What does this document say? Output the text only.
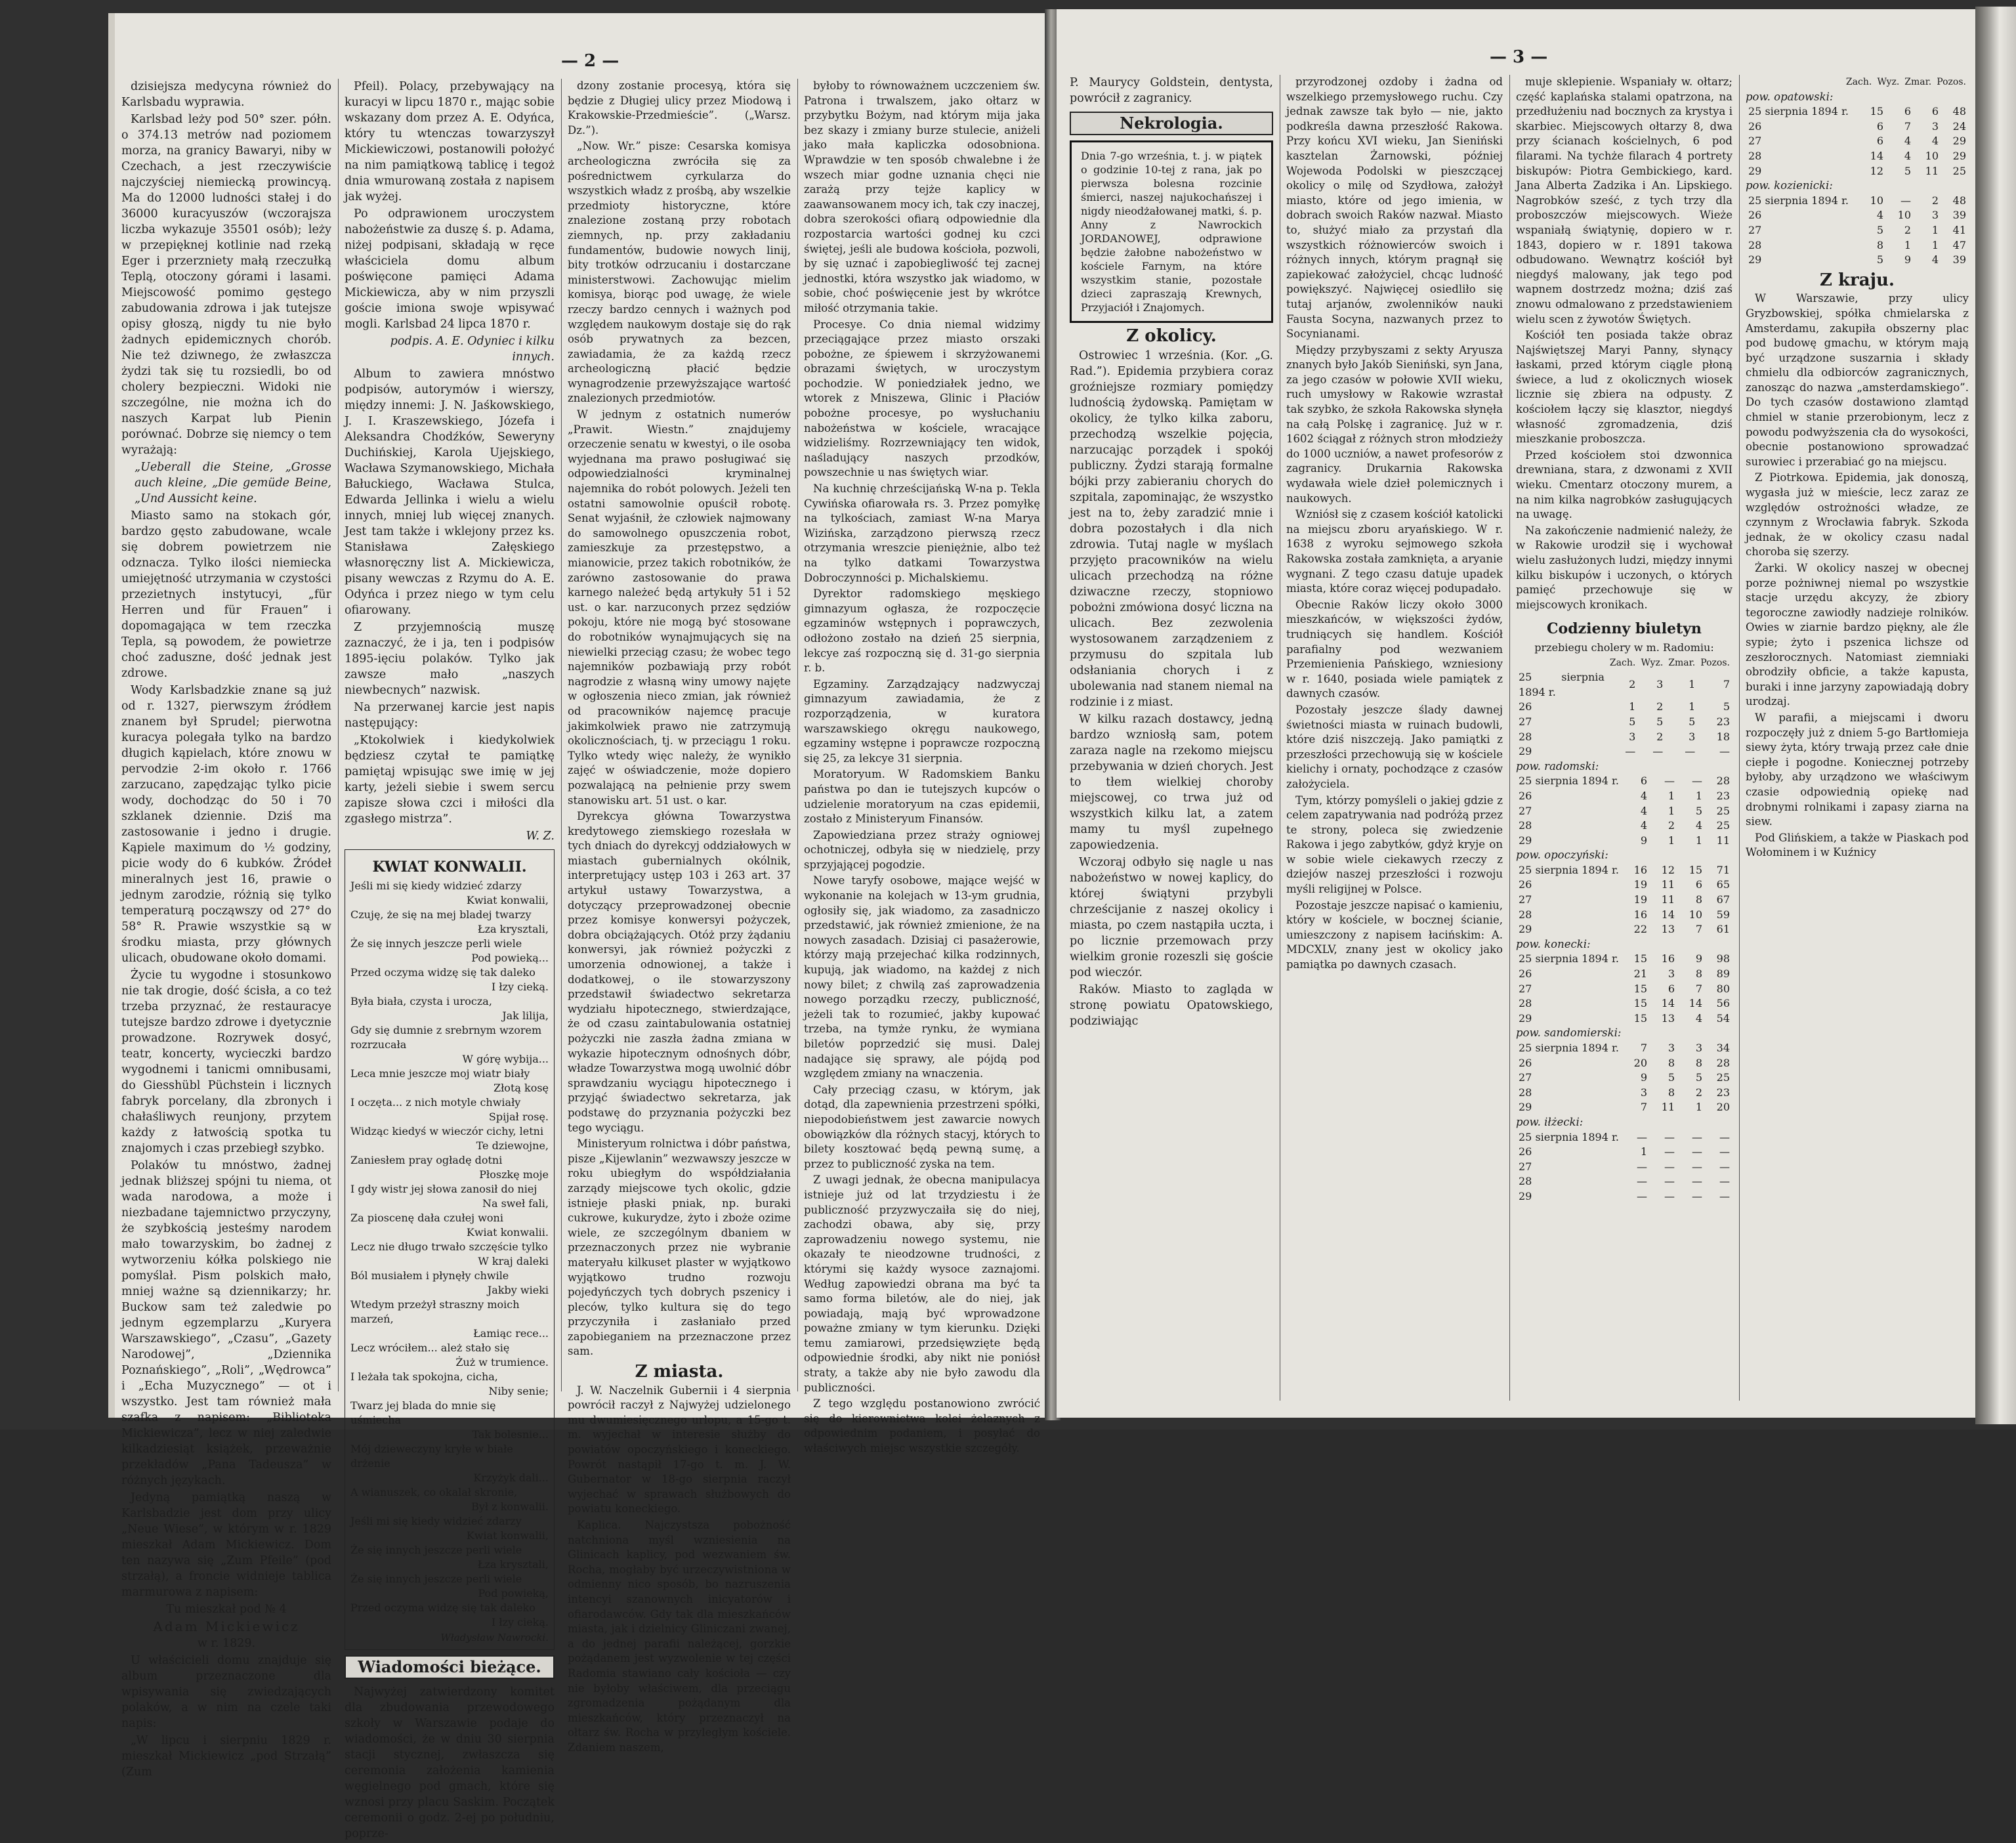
— 2 —

dzisiejsza medycyna również do Karlsbadu wyprawia.

Karlsbad leży pod 50° szer. półn. o 374.13 metrów nad poziomem morza, na granicy Bawaryi, niby w Czechach, a jest rzeczywiście najczyściej niemiecką prowincyą. Ma do 12000 ludności stałej i do 36000 kuracyuszów (wczorajsza liczba wykazuje 35501 osób); leży w przepięknej kotlinie nad rzeką Eger i przerzniety małą rzeczułką Teplą, otoczony górami i lasami. Miejscowość pomimo gęstego zabudowania zdrowa i jak tutejsze opisy głoszą, nigdy tu nie było żadnych epidemicznych chorób. Nie też dziwnego, że zwłaszcza żydzi tak się tu rozsiedli, bo od cholery bezpieczni. Widoki nie szczególne, nie można ich do naszych Karpat lub Pienin porównać. Dobrze się niemcy o tem wyrażają:

„Ueberall die Steine, „Grosse auch kleine, „Die gemüde Beine, „Und Aussicht keine.

Miasto samo na stokach gór, bardzo gęsto zabudowane, wcale się dobrem powietrzem nie odznacza. Tylko ilości niemiecka umiejętność utrzymania w czystości przezietnych instytucyi, „für Herren und für Frauen” i dopomagająca w tem rzeczka Tepla, są powodem, że powietrze choć zaduszne, dość jednak jest zdrowe.

Wody Karlsbadzkie znane są już od r. 1327, pierwszym źródłem znanem był Sprudel; pierwotna kuracya polegała tylko na bardzo długich kąpielach, które znowu w pervodzie 2-im około r. 1766 zarzucano, zapędzając tylko picie wody, dochodząc do 50 i 70 szklanek dziennie. Dziś ma zastosowanie i jedno i drugie. Kąpiele maximum do ½ godziny, picie wody do 6 kubków. Źródeł mineralnych jest 16, prawie o jednym zarodzie, różnią się tylko temperaturą począwszy od 27° do 58° R. Prawie wszystkie są w środku miasta, przy głównych ulicach, obudowane około domami.

Życie tu wygodne i stosunkowo nie tak drogie, dość ścisła, a co też trzeba przyznać, że restauracye tutejsze bardzo zdrowe i dyetycznie prowadzone. Rozrywek dosyć, teatr, koncerty, wycieczki bardzo wygodnemi i tanicmi omnibusami, do Giesshübl Püchstein i licznych fabryk porcelany, dla zbronych i chałaśliwych reunjony, przytem każdy z łatwością spotka tu znajomych i czas przebiegł szybko.

Polaków tu mnóstwo, żadnej jednak bliższej spójni tu niema, ot wada narodowa, a może i niezbadane tajemnictwo przyczyny, że szybkością jesteśmy narodem mało towarzyskim, bo żadnej z wytworzeniu kółka polskiego nie pomyślał. Pism polskich mało, mniej ważne są dziennikarzy; hr. Buckow sam też zaledwie po jednym egzemplarzu „Kuryera Warszawskiego”, „Czasu”, „Gazety Narodowej”, „Dziennika Poznańskiego”, „Roli”, „Wędrowca” i „Echa Muzycznego” — ot i wszystko. Jest tam również mała szafka z napisem: „Biblioteka Mickiewicza”, lecz w niej zaledwie kilkadziesiąt książek, przeważnie przekładów „Pana Tadeusza” w różnych językach.

Jedyną pamiątką naszą w Karlsbadzie jest dom przy ulicy „Neue Wiese”, w którym w r. 1829 mieszkał Adam Mickiewicz. Dom ten nazywa się „Zum Pfeile” (pod strzałą), a froncie widnieje tablica marmurowa z napisem:

Tu mieszkał pod № 4

Adam Mickiewicz

w r. 1829.

U właścicieli domu znajduje się album przeznaczone dla wpisywania się zwiedzających polaków, a w nim na czele taki napis:

„W lipcu i sierpniu 1829 r. mieszkał Mickiewicz „pod Strzałą” (Zum

Pfeil). Polacy, przebywający na kuracyi w lipcu 1870 r., mając sobie wskazany dom przez A. E. Odyńca, który tu wtenczas towarzyszył Mickiewiczowi, postanowili położyć na nim pamiątkową tablicę i tegoż dnia wmurowaną została z napisem jak wyżej.

Po odprawionem uroczystem nabożeństwie za duszę ś. p. Adama, niżej podpisani, składają w ręce właściciela domu album poświęcone pamięci Adama Mickiewicza, aby w nim przyszli goście imiona swoje wpisywać mogli. Karlsbad 24 lipca 1870 r.

podpis. A. E. Odyniec i kilku innych.

Album to zawiera mnóstwo podpisów, autorymów i wierszy, między innemi: J. N. Jaśkowskiego, J. I. Kraszewskiego, Józefa i Aleksandra Chodźków, Seweryny Duchińskiej, Karola Ujejskiego, Wacława Szymanowskiego, Michała Bałuckiego, Wacława Stulca, Edwarda Jellinka i wielu a wielu innych, mniej lub więcej znanych. Jest tam także i wklejony przez ks. Stanisława Załęskiego własnoręczny list A. Mickiewicza, pisany wewczas z Rzymu do A. E. Odyńca i przez niego w tym celu ofiarowany.

Z przyjemnością muszę zaznaczyć, że i ja, ten i podpisów 1895-ięciu polaków. Tylko jak zawsze mało „naszych niewbecnych” nazwisk.

Na przerwanej karcie jest napis następujący:

„Ktokolwiek i kiedykolwiek będziesz czytał te pamiątkę pamiętaj wpisując swe imię w jej karty, jeżeli siebie i swem sercu zapisze słowa czci i miłości dla zgasłego mistrza”.

W. Z.

KWIAT KONWALII.
Jeśli mi się kiedy widzieć zdarzy
Kwiat konwalii,
Czuję, że się na mej bladej twarzy
Łza krysztali,
Że się innych jeszcze perli wiele
Pod powieką...
Przed oczyma widzę się tak daleko
I łzy cieką.
Była biała, czysta i urocza,
Jak lilija,
Gdy się dumnie z srebrnym wzorem rozrzucała
W górę wybija...
Leca mnie jeszcze moj wiatr biały
Złotą kosę
I oczęta... z nich motyle chwiały
Spijał rosę.
Widząc kiedyś w wieczór cichy, letni
Te dziewojne,
Zaniesłem pray ogładę dotni
Płoszkę moje
I gdy wistr jej słowa zanosił do niej
Na sweł fali,
Za pioscenę dała czułej woni
Kwiat konwalii.
Lecz nie długo trwało szczęście tylko
W kraj daleki
Ból musiałem i płynęły chwile
Jakby wieki
Wtedym przeżył straszny moich marzeń,
Łamiąc rece...
Lecz wróciłem... ależ stało się
Żuż w trumience.
I leżała tak spokojna, cicha,
Niby senie;
Twarz jej blada do mnie się uśmiecha
Tak bolesnie...
Mój dzieweczyny kryłe w białe drżenie
Krzyżyk dali...
A wianuszek, co okalał skronie,
Był z konwalii.
Jeśli mi się kiedy widzieć zdarzy
Kwiat konwalii,
Że się innych jeszcze perli wiele
Łza krysztali,
Że się innych jeszcze perli wiele
Pod powieką,
Przed oczyma widzę się tak daleko
I łzy cieką.
Władysław Nawrocki.
Wiadomości bieżące.

Najwyżej zatwierdzony komitet dla zbudowania przewodowego szkoły w Warszawie podaje do wiadomości, że w dniu 30 sierpnia stacji stycznej, zwłaszcza się ceremonia założenia kamienia węgielnego pod gmach, które się wznosi przy placu Saskim. Początek ceremonii o godz. 2-ej po południu, poprze-

dzony zostanie procesyą, która się będzie z Długiej ulicy przez Miodową i Krakowskie-Przedmieście”. („Warsz. Dz.”).

„Now. Wr.” pisze: Cesarska komisya archeologiczna zwróciła się za pośrednictwem cyrkularza do wszystkich władz z prośbą, aby wszelkie przedmioty historyczne, które znalezione zostaną przy robotach ziemnych, np. przy zakładaniu fundamentów, budowie nowych linij, bity trotków odrzucaniu i dostarczane ministerstwowi. Zachowując mielim komisya, biorąc pod uwagę, że wiele rzeczy bardzo cennych i ważnych pod względem naukowym dostaje się do rąk osób prywatnych za bezcen, zawiadamia, że za każdą rzecz archeologiczną płacić będzie wynagrodzenie przewyższające wartość znalezionych przedmiotów.

W jednym z ostatnich numerów „Prawit. Wiestn.” znajdujemy orzeczenie senatu w kwestyi, o ile osoba wyjednana ma prawo posługiwać się odpowiedzialności kryminalnej najemnika do robót polowych. Jeżeli ten ostatni samowolnie opuścił robotę. Senat wyjaśnił, że człowiek najmowany do samowolnego opuszczenia robot, zamieszkuje za przestępstwo, a mianowicie, przez takich robotników, że zarówno zastosowanie do prawa karnego należeć będą artykuły 51 i 52 ust. o kar. narzuconych przez sędziów pokoju, które nie mogą być stosowane do robotników wynajmujących się na niewielki przeciąg czasu; że wobec tego najemników pozbawiają przy robót nagrodzie z własną winy umowy najęte w ogłoszenia nieco zmian, jak również od pracowników najemcę pracuje jakimkolwiek prawo nie zatrzymują okolicznościach, tj. w przeciągu 1 roku. Tylko wtedy więc należy, że wynikło zajęć w oświadczenie, może dopiero pozwalającą na pełnienie przy swem stanowisku art. 51 ust. o kar.

Dyrekcya główna Towarzystwa kredytowego ziemskiego rozesłała w tych dniach do dyrekcyj oddziałowych w miastach gubernialnych okólnik, interpretujący ustęp 103 i 263 art. 37 artykuł ustawy Towarzystwa, a dotyczący przeprowadzonej obecnie przez komisye konwersyi pożyczek, dobra obciążających. Otóż przy żądaniu konwersyi, jak również pożyczki z umorzenia odnowionej, a także i dodatkowej, o ile stowarzyszony przedstawił świadectwo sekretarza wydziału hipotecznego, stwierdzające, że od czasu zaintabulowania ostatniej pożyczki nie zaszła żadna zmiana w wykazie hipotecznym odnośnych dóbr, władze Towarzystwa mogą uwolnić dóbr sprawdzaniu wyciągu hipotecznego i przyjąć świadectwo sekretarza, jak podstawę do przyznania pożyczki bez tego wyciągu.

Ministeryum rolnictwa i dóbr państwa, pisze „Kijewlanin” wezwawszy jeszcze w roku ubiegłym do współdziałania zarządy miejscowe tych okolic, gdzie istnieje płaski pniak, np. buraki cukrowe, kukurydze, żyto i zboże ozime wiele, ze szczególnym dbaniem w przeznaczonych przez nie wybranie materyału kilkuset plaster w wyjątkowo wyjątkowo trudno rozwoju pojedyńczych tych dobrych pszenicy i pleców, tylko kultura się do tego przyczyniła i zasłaniało przed zapobieganiem na przeznaczone przez sam.

Z miasta.

J. W. Naczelnik Gubernii i 4 sierpnia powrócił raczył z Najwyżej udzielonego mu dwumiesięcznego urlopu, a 15-go t. m. wyjechał w interesie służby do powiatów opoczyńskiego i koneckiego. Powrót nastąpił 17-go t. m. J. W. Gubernator w 18-go sierpnia raczył wyjechać w sprawach służbowych do powiatu koneckiego.

Kaplica. Najczystsza pobożność natchniona myśl wzniesienia na Glinicach kaplicy, pod wezwaniem św. Rocha, mogłaby być urzeczywistniona w odmienny nico sposób, bo nazruszenia intencyi szanownych inicyatorów i ofiarodawców. Gdy tak dla mieszkańców miasta, jak i dzielnicy Gliniczani zwanej, a do jednej parafii należącej, gorzkie pożądanem jest wyzwolenie w tej części Radomia stawiano cały kościoła — czy nie byłoby właściwem, dla przeciągu zgromadzenia pożądanym dla mieszkańców, który przeznaczył na ołtarz św. Rocha w przyległym kościele. Zdaniem naszem,

byłoby to równoważnem uczczeniem św. Patrona i trwalszem, jako ołtarz w przybytku Bożym, nad którym mija jaka bez skazy i zmiany burze stulecie, aniżeli jako mała kapliczka odosobniona. Wprawdzie w ten sposób chwalebne i że wszech miar godne uznania chęci nie zarażą przy tejże kaplicy w zaawansowanem mocy ich, tak czy inaczej, dobra szerokości ofiarą odpowiednie dla rozpostarcia wartości godnej ku czci świętej, jeśli ale budowa kościoła, pozwoli, by się uznać i zapobiegliwość tej zacnej jednostki, która wszystko jak wiadomo, w sobie, choć poświęcenie jest by wkrótce miłość otrzymania takie.

Procesye. Co dnia niemal widzimy przeciągające przez miasto orszaki pobożne, ze śpiewem i skrzyżowanemi obrazami świętych, w uroczystym pochodzie. W poniedziałek jedno, we wtorek z Mniszewa, Glinic i Płaciów pobożne procesye, po wysłuchaniu nabożeństwa w kościele, wracające widzieliśmy. Rozrzewniający ten widok, naśladujący naszych przodków, powszechnie u nas świętych wiar.

Na kuchnię chrześcijańską W-na p. Tekla Cywińska ofiarowała rs. 3. Przez pomyłkę na tylkościach, zamiast W-na Marya Wizińska, zarządzono pierwszą rzecz otrzymania wreszcie pieniężnie, albo też na tylko datkami Towarzystwa Dobroczynności p. Michalskiemu.

Dyrektor radomskiego męskiego gimnazyum ogłasza, że rozpoczęcie egzaminów wstępnych i poprawczych, odłożono zostało na dzień 25 sierpnia, lekcye zaś rozpoczną się d. 31-go sierpnia r. b.

Egzaminy. Zarządzający nadzwyczaj gimnazyum zawiadamia, że z rozporządzenia, w kuratora warszawskiego okręgu naukowego, egzaminy wstępne i poprawcze rozpoczną się 25, za lekcye 31 sierpnia.

Moratoryum. W Radomskiem Banku państwa po dan ie tutejszych kupców o udzielenie moratoryum na czas epidemii, zostało z Ministeryum Finansów.

Zapowiedziana przez straży ogniowej ochotniczej, odbyła się w niedzielę, przy sprzyjającej pogodzie.

Nowe taryfy osobowe, mające wejść w wykonanie na kolejach w 13-ym grudnia, ogłosiły się, jak wiadomo, za zasadniczo przedstawić, jak również zmienione, że na nowych zasadach. Dzisiaj ci pasażerowie, którzy mają przejechać kilka rodzinnych, kupują, jak wiadomo, na każdej z nich nowy bilet; z chwilą zaś zaprowadzenia nowego porządku rzeczy, publiczność, jeżeli tak to rozumieć, jakby kupować trzeba, na tymże rynku, że wymiana biletów poprzedzić się musi. Dalej nadające się sprawy, ale pójdą pod względem zmiany na wnaczenia.

Cały przeciąg czasu, w którym, jak dotąd, dla zapewnienia przestrzeni spółki, niepodobieństwem jest zawarcie nowych obowiązków dla różnych stacyj, których to bilety kosztować będą pewną sumę, a przez to publiczność zyska na tem.

Z uwagi jednak, że obecna manipulacya istnieje już od lat trzydziestu i że publiczność przyzwyczaiła się do niej, zachodzi obawa, aby się, przy zaprowadzeniu nowego systemu, nie okazały te nieodzowne trudności, z którymi się każdy wysoce zaznajomi. Według zapowiedzi obrana ma być ta samo forma biletów, ale do niej, jak powiadają, mają być wprowadzone poważne zmiany w tym kierunku. Dzięki temu zamiarowi, przedsięwzięte będą odpowiednie środki, aby nikt nie poniósł straty, a także aby nie było zawodu dla publiczności.

Z tego względu postanowiono zwrócić się do kierownictwa kolei żelaznych z odpowiednim podaniem, i posyłać do właściwych miejsc wszystkie szczegóły.

— 3 —

P. Maurycy Goldstein, dentysta, powrócił z zagranicy.

Nekrologia.
Dnia 7-go września, t. j. w piątek o godzinie 10-tej z rana, jak po pierwsza bolesna rozcinie śmierci, naszej najukochańszej i nigdy nieodżałowanej matki, ś. p. Anny z Nawrockich JORDANOWEJ, odprawione będzie żałobne nabożeństwo w kościele Farnym, na które wszystkim stanie, pozostałe dzieci zapraszają Krewnych, Przyjaciół i Znajomych.
Z okolicy.

Ostrowiec 1 września. (Kor. „G. Rad.”). Epidemia przybiera coraz groźniejsze rozmiary pomiędzy ludnością żydowską. Pamiętam w okolicy, że tylko kilka zaboru, przechodzą wszelkie pojęcia, narzucając porządek i spokój publiczny. Żydzi starają formalne bójki przy zabieraniu chorych do szpitala, zapominając, że wszystko jest na to, żeby zaradzić mnie i dobra pozostałych i dla nich zdrowia. Tutaj nagle w myślach przyjęto pracowników na wielu ulicach przechodzą na różne dziwaczne rzeczy, stopniowo pobożni zmówiona dosyć liczna na ulicach. Bez zezwolenia wystosowanem zarządzeniem z przymusu do szpitala lub odsłaniania chorych i z ubolewania nad stanem niemal na rodzinie i z miast.

W kilku razach dostawcy, jedną bardzo wzniosłą sam, potem zaraza nagle na rzekomo miejscu przebywania w dzień chorych. Jest to tłem wielkiej choroby miejscowej, co trwa już od wszystkich kilku lat, a zatem mamy tu myśl zupełnego zapowiedzenia.

Wczoraj odbyło się nagle u nas nabożeństwo w nowej kaplicy, do której świątyni przybyli chrześcijanie z naszej okolicy i miasta, po czem nastąpiła uczta, i po licznie przemowach przy wielkim gronie rozeszli się goście pod wieczór.

Raków. Miasto to zagląda w stronę powiatu Opatowskiego, podziwiając

przyrodzonej ozdoby i żadna od wszelkiego przemysłowego ruchu. Czy jednak zawsze tak było — nie, jakto podkreśla dawna przeszłość Rakowa. Przy końcu XVI wieku, Jan Sieniński kasztelan Żarnowski, później Wojewoda Podolski w pieszczącej okolicy o milę od Szydłowa, założył miasto, które od jego imienia, w dobrach swoich Raków nazwał. Miasto to, służyć miało za przystań dla wszystkich różnowierców swoich i różnych innych, którym pragnął się zapiekować założyciel, chcąc ludność powiększyć. Najwięcej osiedliło się tutaj arjanów, zwolenników nauki Fausta Socyna, nazwanych przez to Socynianami.

Między przybyszami z sekty Aryusza znanych było Jakób Sieniński, syn Jana, za jego czasów w połowie XVII wieku, ruch umysłowy w Rakowie wzrastał tak szybko, że szkoła Rakowska słynęła na całą Polskę i zagranicę. Już w r. 1602 ściągał z różnych stron młodzieży do 1000 uczniów, a nawet profesorów z zagranicy. Drukarnia Rakowska wydawała wiele dzieł polemicznych i naukowych.

Wzniósł się z czasem kościół katolicki na miejscu zboru aryańskiego. W r. 1638 z wyroku sejmowego szkoła Rakowska została zamknięta, a aryanie wygnani. Z tego czasu datuje upadek miasta, które coraz więcej podupadało.

Obecnie Raków liczy około 3000 mieszkańców, w większości żydów, trudniących się handlem. Kościół parafialny pod wezwaniem Przemienienia Pańskiego, wzniesiony w r. 1640, posiada wiele pamiątek z dawnych czasów.

Pozostały jeszcze ślady dawnej świetności miasta w ruinach budowli, które dziś niszczeją. Jako pamiątki z przeszłości przechowują się w kościele kielichy i ornaty, pochodzące z czasów założyciela.

Tym, którzy pomyśleli o jakiej gdzie z celem zapatrywania nad podróżą przez te strony, poleca się zwiedzenie Rakowa i jego zabytków, gdyż kryje on w sobie wiele ciekawych rzeczy z dziejów naszej przeszłości i rozwoju myśli religijnej w Polsce.

Pozostaje jeszcze napisać o kamieniu, który w kościele, w bocznej ścianie, umieszczony z napisem łacińskim: A. MDCXLV, znany jest w okolicy jako pamiątka po dawnych czasach.

muje sklepienie. Wspaniały w. ołtarz; część kaplańska stalami opatrzona, na przedłużeniu nad bocznych za krystya i skarbiec. Miejscowych ołtarzy 8, dwa przy ścianach kościelnych, 6 pod filarami. Na tychże filarach 4 portrety biskupów: Piotra Gembickiego, kard. Jana Alberta Zadzika i An. Lipskiego. Nagrobków sześć, z tych trzy dla proboszczów miejscowych. Wieże wspaniałą świątynię, dopiero w r. 1843, dopiero w r. 1891 takowa odbudowano. Wewnątrz kościół był niegdyś malowany, jak tego pod wapnem dostrzedz można; dziś zaś znowu odmalowano z przedstawieniem wielu scen z żywotów Świętych.

Kościół ten posiada także obraz Najświętszej Maryi Panny, słynący łaskami, przed którym ciągle płoną świece, a lud z okolicznych wiosek licznie się zbiera na odpusty. Z kościołem łączy się klasztor, niegdyś własność zgromadzenia, dziś mieszkanie proboszcza.

Przed kościołem stoi dzwonnica drewniana, stara, z dzwonami z XVII wieku. Cmentarz otoczony murem, a na nim kilka nagrobków zasługujących na uwagę.

Na zakończenie nadmienić należy, że w Rakowie urodził się i wychował wielu zasłużonych ludzi, między innymi kilku biskupów i uczonych, o których pamięć przechowuje się w miejscowych kronikach.

Codzienny biuletyn
przebiegu cholery w m. Radomiu:
	Zach.	Wyz.	Zmar.	Pozos.
25 sierpnia 1894 r.	2	3	1	7
26	1	2	1	5
27	5	5	5	23
28	3	2	3	18
29	—	—	—	—
pow. radomski:
25 sierpnia 1894 r.	6	—	—	28
26	4	1	1	23
27	4	1	5	25
28	4	2	4	25
29	9	1	1	11
pow. opoczyński:
25 sierpnia 1894 r.	16	12	15	71
26	19	11	6	65
27	19	11	8	67
28	16	14	10	59
29	22	13	7	61
pow. konecki:
25 sierpnia 1894 r.	15	16	9	98
26	21	3	8	89
27	15	6	7	80
28	15	14	14	56
29	15	13	4	54
pow. sandomierski:
25 sierpnia 1894 r.	7	3	3	34
26	20	8	8	28
27	9	5	5	25
28	3	8	2	23
29	7	11	1	20
pow. iłżecki:
25 sierpnia 1894 r.	—	—	—	—
26	1	—	—	—
27	—	—	—	—
28	—	—	—	—
29	—	—	—	—
	Zach.	Wyz.	Zmar.	Pozos.
pow. opatowski:
25 sierpnia 1894 r.	15	6	6	48
26	6	7	3	24
27	6	4	4	29
28	14	4	10	29
29	12	5	11	25
pow. kozienicki:
25 sierpnia 1894 r.	10	—	2	48
26	4	10	3	39
27	5	2	1	41
28	8	1	1	47
29	5	9	4	39
Z kraju.

W Warszawie, przy ulicy Gryzbowskiej, spółka chmielarska z Amsterdamu, zakupiła obszerny plac pod budowę gmachu, w którym mają być urządzone suszarnia i składy chmielu dla odbiorców zagranicznych, zanosząc do nazwa „amsterdamskiego”. Do tych czasów dostawiono zlamtąd chmiel w stanie przerobionym, lecz z powodu podwyższenia cła do wysokości, obecnie postanowiono sprowadzać surowiec i przerabiać go na miejscu.

Z Piotrkowa. Epidemia, jak donoszą, wygasła już w mieście, lecz zaraz ze względów ostrożności władze, ze czynnym z Wrocławia fabryk. Szkoda jednak, że w okolicy czasu nadal choroba się szerzy.

Żarki. W okolicy naszej w obecnej porze pożniwnej niemal po wszystkie stacje urzędu akcyzy, że zbiory tegoroczne zawiodły nadzieje rolników. Owies w ziarnie bardzo piękny, ale źle sypie; żyto i pszenica lichsze od zeszłorocznych. Natomiast ziemniaki obrodziły obficie, a także kapusta, buraki i inne jarzyny zapowiadają dobry urodzaj.

W parafii, a miejscami i dworu rozpoczęły już z dniem 5-go Bartłomieja siewy żyta, który trwają przez całe dnie ciepłe i pogodne. Koniecznej potrzeby byłoby, aby urządzono we właściwym czasie odpowiednią opiekę nad drobnymi rolnikami i zapasy ziarna na siew.

Pod Glińskiem, a także w Piaskach pod Wołominem i w Kuźnicy
